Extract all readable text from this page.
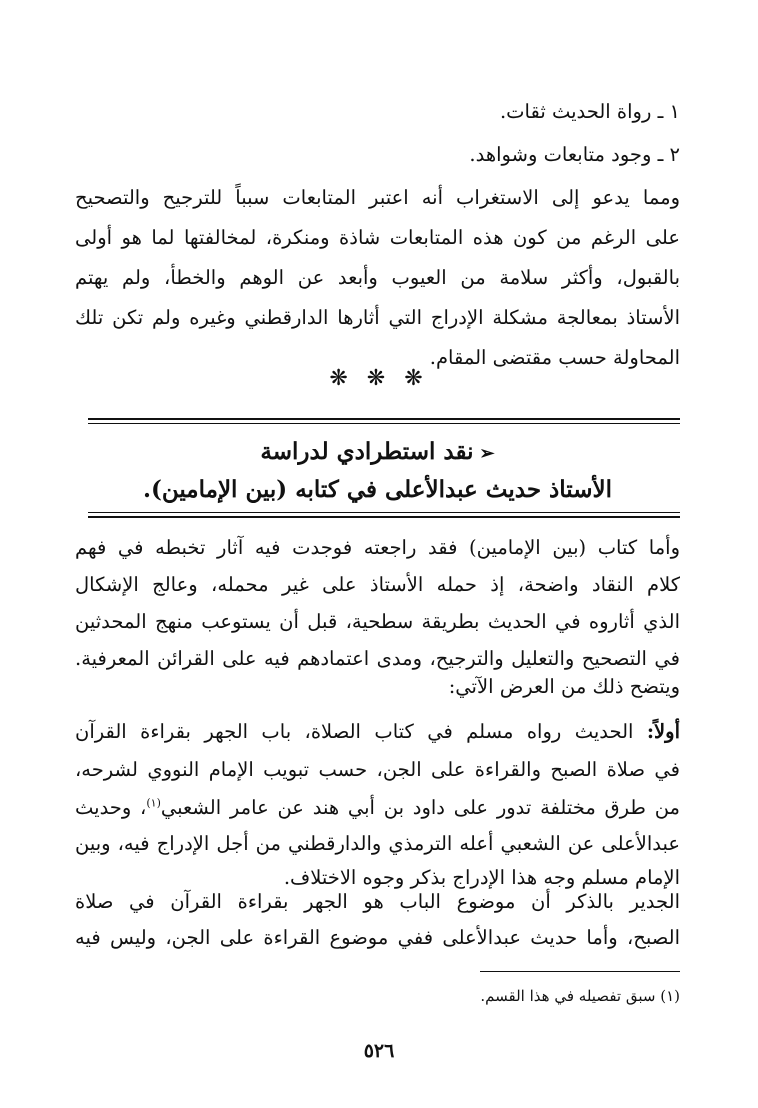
١ ـ رواة الحديث ثقات.
٢ ـ وجود متابعات وشواهد.
ومما يدعو إلى الاستغراب أنه اعتبر المتابعات سبباً للترجيح والتصحيح
على الرغم من كون هذه المتابعات شاذة ومنكرة، لمخالفتها لما هو أولى
بالقبول، وأكثر سلامة من العيوب وأبعد عن الوهم والخطأ، ولم يهتم
الأستاذ بمعالجة مشكلة الإدراج التي أثارها الدارقطني وغيره ولم تكن تلك
المحاولة حسب مقتضى المقام.
❋ ❋ ❋
➢نقد استطرادي لدراسة
الأستاذ حديث عبدالأعلى في كتابه (بين الإمامين).
وأما كتاب (بين الإمامين) فقد راجعته فوجدت فيه آثار تخبطه في فهم
كلام النقاد واضحة، إذ حمله الأستاذ على غير محمله، وعالج الإشكال
الذي أثاروه في الحديث بطريقة سطحية، قبل أن يستوعب منهج المحدثين
في التصحيح والتعليل والترجيح، ومدى اعتمادهم فيه على القرائن المعرفية.
ويتضح ذلك من العرض الآتي:
أولاً: الحديث رواه مسلم في كتاب الصلاة، باب الجهر بقراءة القرآن
في صلاة الصبح والقراءة على الجن، حسب تبويب الإمام النووي لشرحه،
من طرق مختلفة تدور على داود بن أبي هند عن عامر الشعبي$^{(١)}$، وحديث
عبدالأعلى عن الشعبي أعله الترمذي والدارقطني من أجل الإدراج فيه، وبين
الإمام مسلم وجه هذا الإدراج بذكر وجوه الاختلاف.
الجدير بالذكر أن موضوع الباب هو الجهر بقراءة القرآن في صلاة
الصبح، وأما حديث عبدالأعلى ففي موضوع القراءة على الجن، وليس فيه
(١) سبق تفصيله في هذا القسم.
٥٢٦
